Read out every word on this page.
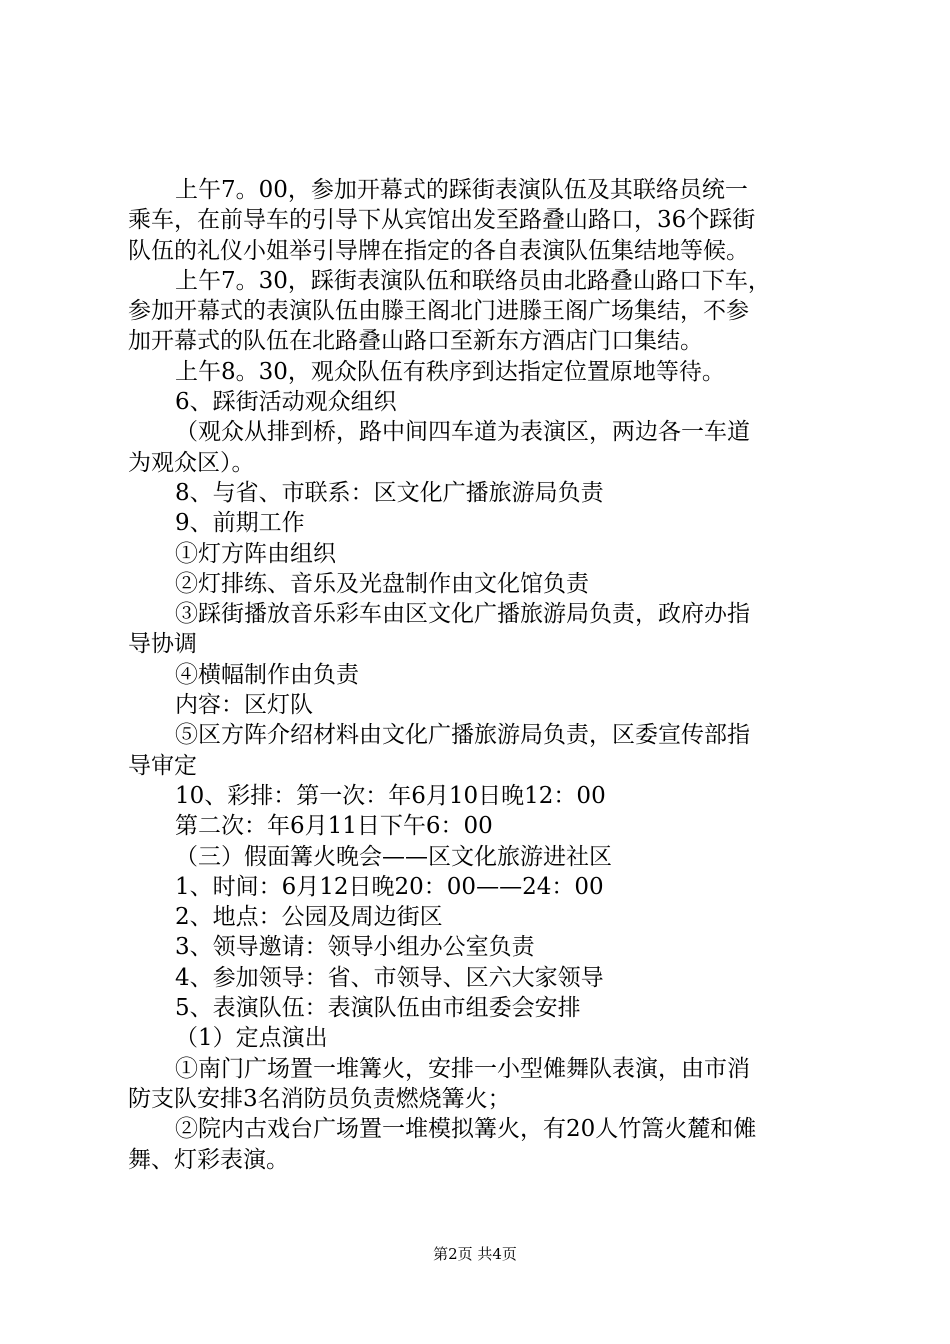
上午7。00，参加开幕式的踩街表演队伍及其联络员统一
乘车，在前导车的引导下从宾馆出发至路叠山路口，36个踩街
队伍的礼仪小姐举引导牌在指定的各自表演队伍集结地等候。
上午7。30，踩街表演队伍和联络员由北路叠山路口下车，
参加开幕式的表演队伍由滕王阁北门进滕王阁广场集结，不参
加开幕式的队伍在北路叠山路口至新东方酒店门口集结。
上午8。30，观众队伍有秩序到达指定位置原地等待。
6、踩街活动观众组织
（观众从排到桥，路中间四车道为表演区，两边各一车道
为观众区）。
8、与省、市联系：区文化广播旅游局负责
9、前期工作
①灯方阵由组织
②灯排练、音乐及光盘制作由文化馆负责
③踩街播放音乐彩车由区文化广播旅游局负责，政府办指
导协调
④横幅制作由负责
内容：区灯队
⑤区方阵介绍材料由文化广播旅游局负责，区委宣传部指
导审定
10、彩排：第一次：年6月10日晚12：00
第二次：年6月11日下午6：00
（三）假面篝火晚会——区文化旅游进社区
1、时间：6月12日晚20：00——24：00
2、地点：公园及周边街区
3、领导邀请：领导小组办公室负责
4、参加领导：省、市领导、区六大家领导
5、表演队伍：表演队伍由市组委会安排
（1）定点演出
①南门广场置一堆篝火，安排一小型傩舞队表演，由市消
防支队安排3名消防员负责燃烧篝火；
②院内古戏台广场置一堆模拟篝火，有20人竹篙火麓和傩
舞、灯彩表演。
第2页 共4页
